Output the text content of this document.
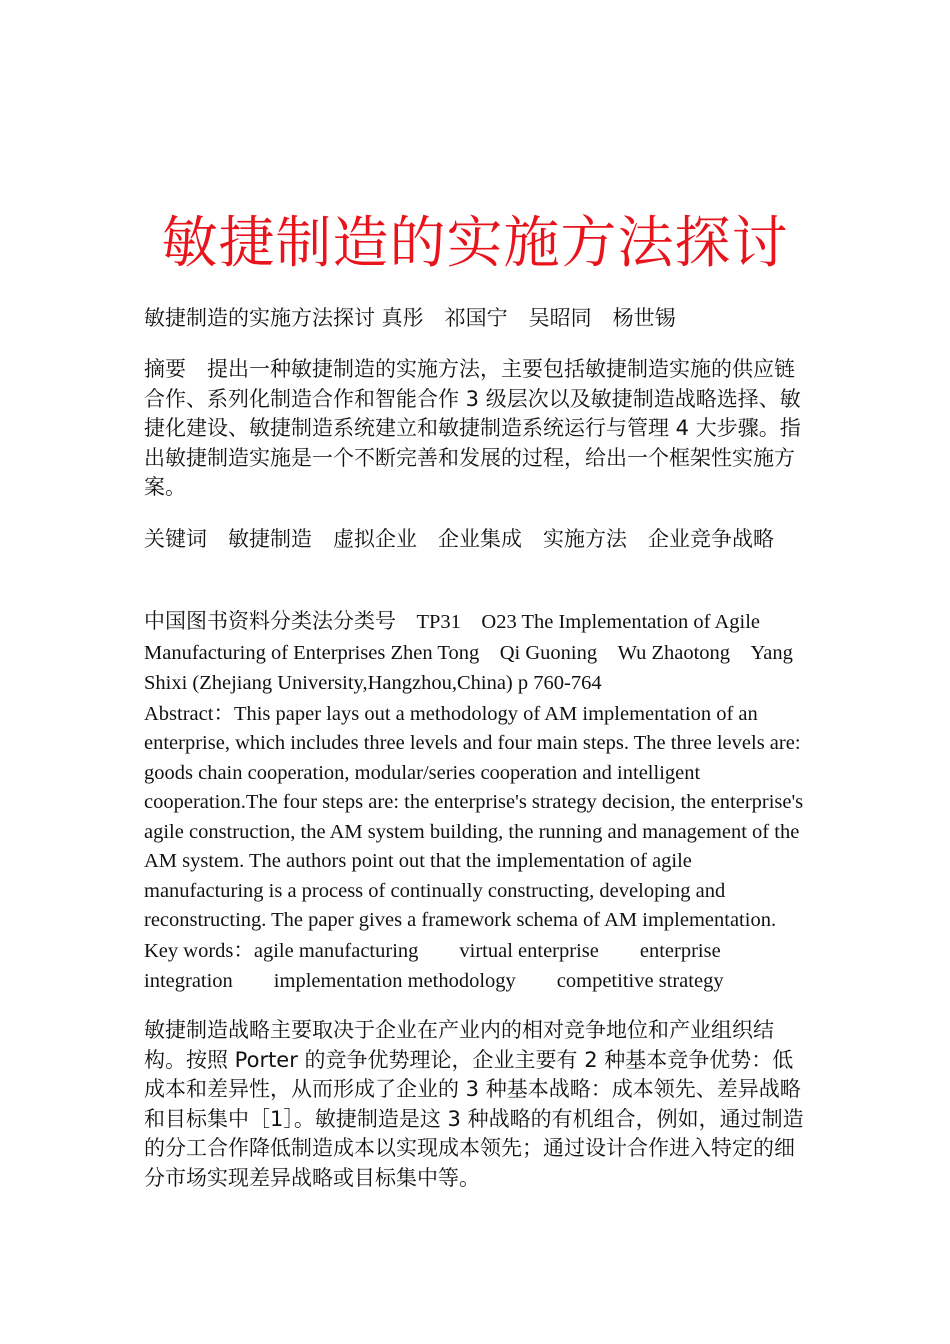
敏捷制造的实施方法探讨
敏捷制造的实施方法探讨 真彤　祁国宁　吴昭同　杨世锡
摘要　提出一种敏捷制造的实施方法，主要包括敏捷制造实施的供应链合作、系列化制造合作和智能合作 3 级层次以及敏捷制造战略选择、敏捷化建设、敏捷制造系统建立和敏捷制造系统运行与管理 4 大步骤。指出敏捷制造实施是一个不断完善和发展的过程，给出一个框架性实施方案。
关键词　敏捷制造　虚拟企业　企业集成　实施方法　企业竞争战略
中国图书资料分类法分类号　TP31　O23 The Implementation of Agile Manufacturing of Enterprises Zhen Tong　Qi Guoning　Wu Zhaotong　Yang Shixi (Zhejiang University,Hangzhou,China) p 760-764
Abstract：This paper lays out a methodology of AM implementation of an enterprise, which includes three levels and four main steps. The three levels are: goods chain cooperation, modular/series cooperation and intelligent cooperation.The four steps are: the enterprise's strategy decision, the enterprise's agile construction, the AM system building, the running and management of the AM system. The authors point out that the implementation of agile manufacturing is a process of continually constructing, developing and reconstructing. The paper gives a framework schema of AM implementation.　　Key words：agile manufacturing　　virtual enterprise　　enterprise integration　　implementation methodology　　competitive strategy
敏捷制造战略主要取决于企业在产业内的相对竞争地位和产业组织结构。按照 Porter 的竞争优势理论，企业主要有 2 种基本竞争优势：低成本和差异性，从而形成了企业的 3 种基本战略：成本领先、差异战略和目标集中［1］。敏捷制造是这 3 种战略的有机组合，例如，通过制造的分工合作降低制造成本以实现成本领先；通过设计合作进入特定的细分市场实现差异战略或目标集中等。
